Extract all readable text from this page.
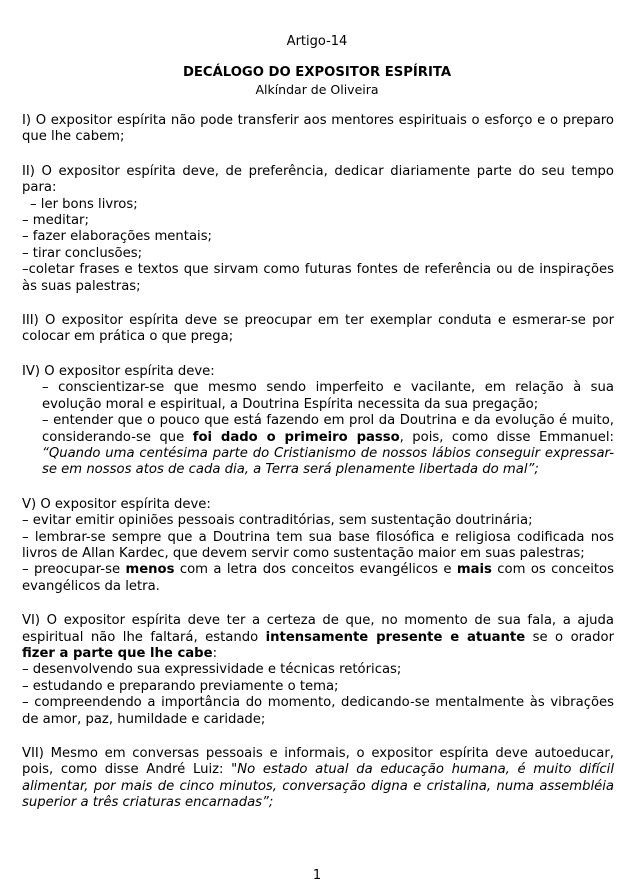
Artigo-14
DECÁLOGO DO EXPOSITOR ESPÍRITA
Alkíndar de Oliveira

I) O expositor espírita não pode transferir aos mentores espirituais o esforço e o preparo que lhe cabem;

II) O expositor espírita deve, de preferência, dedicar diariamente parte do seu tempo para:
– ler bons livros;
– meditar;
– fazer elaborações mentais;
– tirar conclusões;
–coletar frases e textos que sirvam como futuras fontes de referência ou de inspirações às suas palestras;

III) O expositor espírita deve se preocupar em ter exemplar conduta e esmerar-se por colocar em prática o que prega;

IV) O expositor espírita deve:
– conscientizar-se que mesmo sendo imperfeito e vacilante, em relação à sua evolução moral e espiritual, a Doutrina Espírita necessita da sua pregação;
– entender que o pouco que está fazendo em prol da Doutrina e da evolução é muito, considerando-se que foi dado o primeiro passo, pois, como disse Emmanuel: “Quando uma centésima parte do Cristianismo de nossos lábios conseguir expressar-se em nossos atos de cada dia, a Terra será plenamente libertada do mal”;

V) O expositor espírita deve:
– evitar emitir opiniões pessoais contraditórias, sem sustentação doutrinária;
– lembrar-se sempre que a Doutrina tem sua base filosófica e religiosa codificada nos livros de Allan Kardec, que devem servir como sustentação maior em suas palestras;
– preocupar-se menos com a letra dos conceitos evangélicos e mais com os conceitos evangélicos da letra.

VI) O expositor espírita deve ter a certeza de que, no momento de sua fala, a ajuda espiritual não lhe faltará, estando intensamente presente e atuante se o orador fizer a parte que lhe cabe:
– desenvolvendo sua expressividade e técnicas retóricas;
– estudando e preparando previamente o tema;
– compreendendo a importância do momento, dedicando-se mentalmente às vibrações de amor, paz, humildade e caridade;

VII) Mesmo em conversas pessoais e informais, o expositor espírita deve autoeducar, pois, como disse André Luiz: "No estado atual da educação humana, é muito difícil alimentar, por mais de cinco minutos, conversação digna e cristalina, numa assembléia superior a três criaturas encarnadas”;

1
